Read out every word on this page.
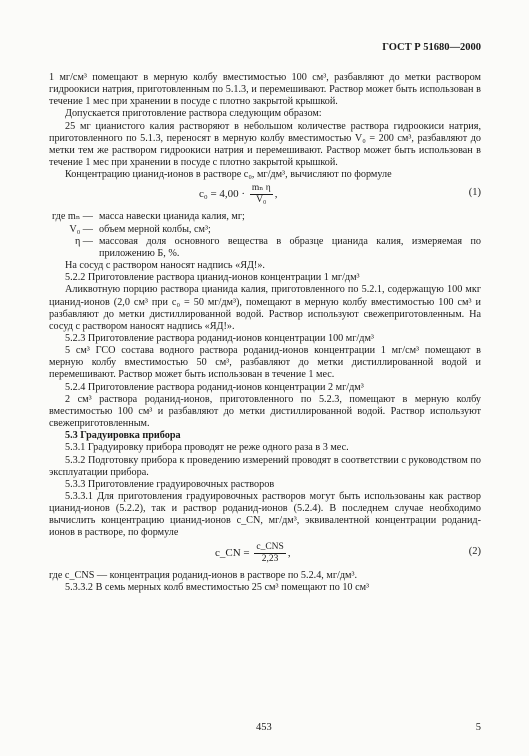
ГОСТ Р 51680—2000

1 мг/см³ помещают в мерную колбу вместимостью 100 см³, разбавляют до метки раствором гидроокиси натрия, приготовленным по 5.1.3, и перемешивают. Раствор может быть использован в течение 1 мес при хранении в посуде с плотно закрытой крышкой.

Допускается приготовление раствора следующим образом:

25 мг цианистого калия растворяют в небольшом количестве раствора гидроокиси натрия, приготовленного по 5.1.3, переносят в мерную колбу вместимостью V₀ = 200 см³, разбавляют до метки тем же раствором гидроокиси натрия и перемешивают. Раствор может быть использован в течение 1 мес при хранении в посуде с плотно закрытой крышкой.

Концентрацию цианид-ионов в растворе c₀, мг/дм³, вычисляют по формуле

$c_0 = 4,00 \cdot \frac{\text{mₙ η}}{\text{V₀}}$ ,	(1)
где mₙ — масса навески цианида калия, мг;
V₀ — объем мерной колбы, см³;
η — массовая доля основного вещества в образце цианида калия, измеряемая по приложению Б, %.

На сосуд с раствором наносят надпись «ЯД!».

5.2.2 Приготовление раствора цианид-ионов концентрации 1 мг/дм³

Аликвотную порцию раствора цианида калия, приготовленного по 5.2.1, содержащую 100 мкг цианид-ионов (2,0 см³ при c₀ = 50 мг/дм³), помещают в мерную колбу вместимостью 100 см³ и разбавляют до метки дистиллированной водой. Раствор используют свежеприготовленным. На сосуд с раствором наносят надпись «ЯД!».

5.2.3 Приготовление раствора роданид-ионов концентрации 100 мг/дм³

5 см³ ГСО состава водного раствора роданид-ионов концентрации 1 мг/см³ помещают в мерную колбу вместимостью 50 см³, разбавляют до метки дистиллированной водой и перемешивают. Раствор может быть использован в течение 1 мес.

5.2.4 Приготовление раствора роданид-ионов концентрации 2 мг/дм³

2 см³ раствора роданид-ионов, приготовленного по 5.2.3, помещают в мерную колбу вместимостью 100 см³ и разбавляют до метки дистиллированной водой. Раствор используют свежеприготовленным.

5.3 Градуировка прибора

5.3.1 Градуировку прибора проводят не реже одного раза в 3 мес.

5.3.2 Подготовку прибора к проведению измерений проводят в соответствии с руководством по эксплуатации прибора.

5.3.3 Приготовление градуировочных растворов

5.3.3.1 Для приготовления градуировочных растворов могут быть использованы как раствор цианид-ионов (5.2.2), так и раствор роданид-ионов (5.2.4). В последнем случае необходимо вычислить концентрацию цианид-ионов c_CN, мг/дм³, эквивалентной концентрации роданид-ионов в растворе, по формуле

c_CN = $\frac{\text{c\_CNS}}{2,23}$ ,	(2)

где c_CNS — концентрация роданид-ионов в растворе по 5.2.4, мг/дм³.

5.3.3.2 В семь мерных колб вместимостью 25 см³ помещают по 10 см³

453	5
